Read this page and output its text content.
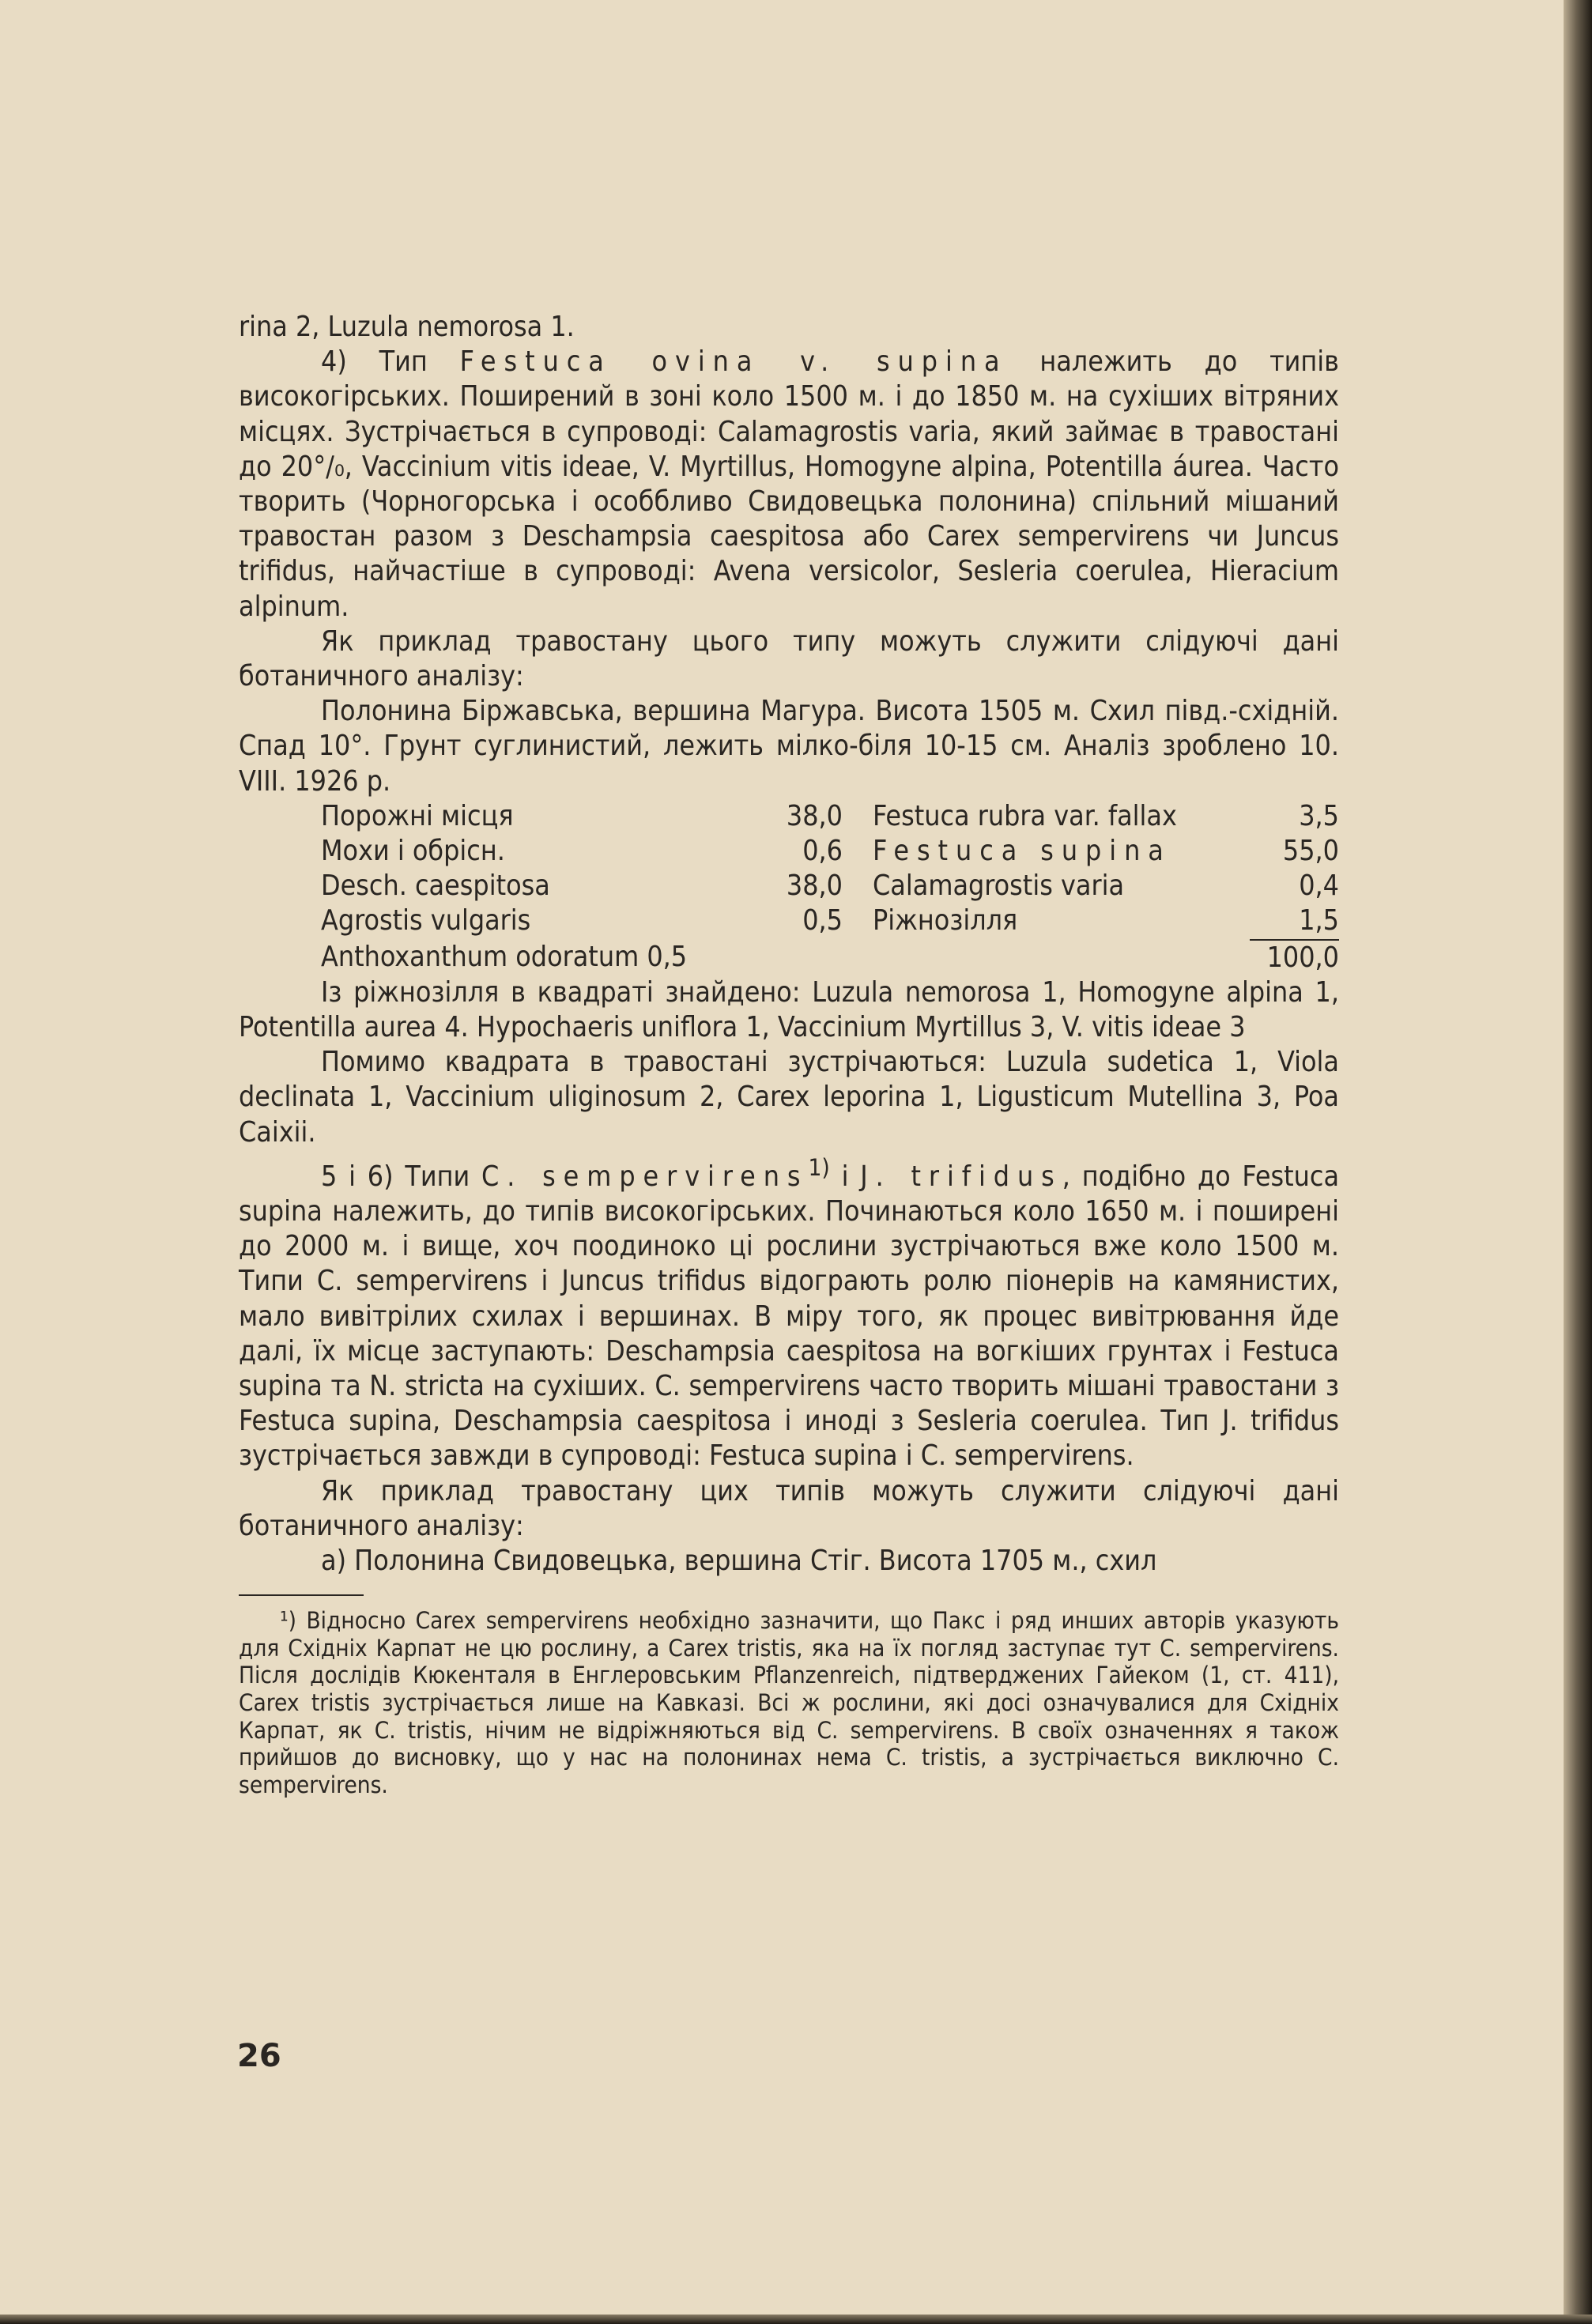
rina 2, Luzula nemorosa 1.

4) Тип Festuca ovina v. supina належить до типів високогірських. Поширений в зоні коло 1500 м. і до 1850 м. на сухіших вітряних місцях. Зустрічається в супроводі: Calamagrostis varia, який займає в травостані до 20°/₀, Vaccinium vitis ideae, V. Myrtillus, Homogyne alpina, Potentilla áurea. Часто творить (Чорногорська і особбливо Свидовецька полонина) спільний мішаний травостан разом з Deschampsia caespitosa або Carex sempervirens чи Juncus trifidus, найчастіше в супроводі: Avena versicolor, Sesleria coerulea, Hieracium alpinum.

Як приклад травостану цього типу можуть служити слідуючі дані ботаничного аналізу:

Полонина Біржавська, вершина Магура. Висота 1505 м. Схил півд.-східній. Спад 10°. Грунт суглинистий, лежить мілко-біля 10-15 см. Аналіз зроблено 10. VIII. 1926 р.

Порожні місця	38,0	Festuca rubra var. fallax	3,5
Мохи і обрісн.	0,6	Festuca supina	55,0
Desch. caespitosa	38,0	Calamagrostis varia	0,4
Agrostis vulgaris	0,5	Ріжнозілля	1,5
Anthoxanthum odoratum 0,5			100,0

Із ріжнозілля в квадраті знайдено: Luzula nemorosa 1, Homogyne alpina 1, Potentilla aurea 4. Hypochaeris uniflora 1, Vaccinium Myrtillus 3, V. vitis ideae 3

Помимо квадрата в травостані зустрічаються: Luzula sudetica 1, Viola declinata 1, Vaccinium uliginosum 2, Carex leporina 1, Ligusticum Mutellina 3, Poa Caixii.

5 і 6) Типи C. sempervirens$^{1)}$ і J. trifidus, подібно до Festuca supina належить, до типів високогірських. Починаються коло 1650 м. і поширені до 2000 м. і вище, хоч поодиноко ці рослини зустрічаються вже коло 1500 м. Типи C. sempervirens і Juncus trifidus відограють ролю піонерів на камянистих, мало вивітрілих схилах і вершинах. В міру того, як процес вивітрювання йде далі, їх місце заступають: Deschampsia caespitosa на вогкіших грунтах і Festuca supina та N. stricta на сухіших. C. sempervirens часто творить мішані травостани з Festuca supina, Deschampsia caespitosa і иноді з Sesleria coerulea. Тип J. trifidus зустрічається завжди в супроводі: Festuca supina і C. sempervirens.

Як приклад травостану цих типів можуть служити слідуючі дані ботаничного аналізу:

а) Полонина Свидовецька, вершина Стіг. Висота 1705 м., схил

¹) Відносно Carex sempervirens необхідно зазначити, що Пакс і ряд инших авторів указують для Східніх Карпат не цю рослину, а Carex tristis, яка на їх погляд заступає тут C. sempervirens. Після дослідів Кюкенталя в Енглеровським Pflanzenreich, підтверджених Гайеком (1, ст. 411), Carex tristis зустрічається лише на Кавказі. Всі ж рослини, які досі означувалися для Східніх Карпат, як C. tristis, нічим не відріжняються від C. sempervirens. В своїх означеннях я також прийшов до висновку, що у нас на полонинах нема C. tristis, а зустрічається виключно C. sempervirens.

26
